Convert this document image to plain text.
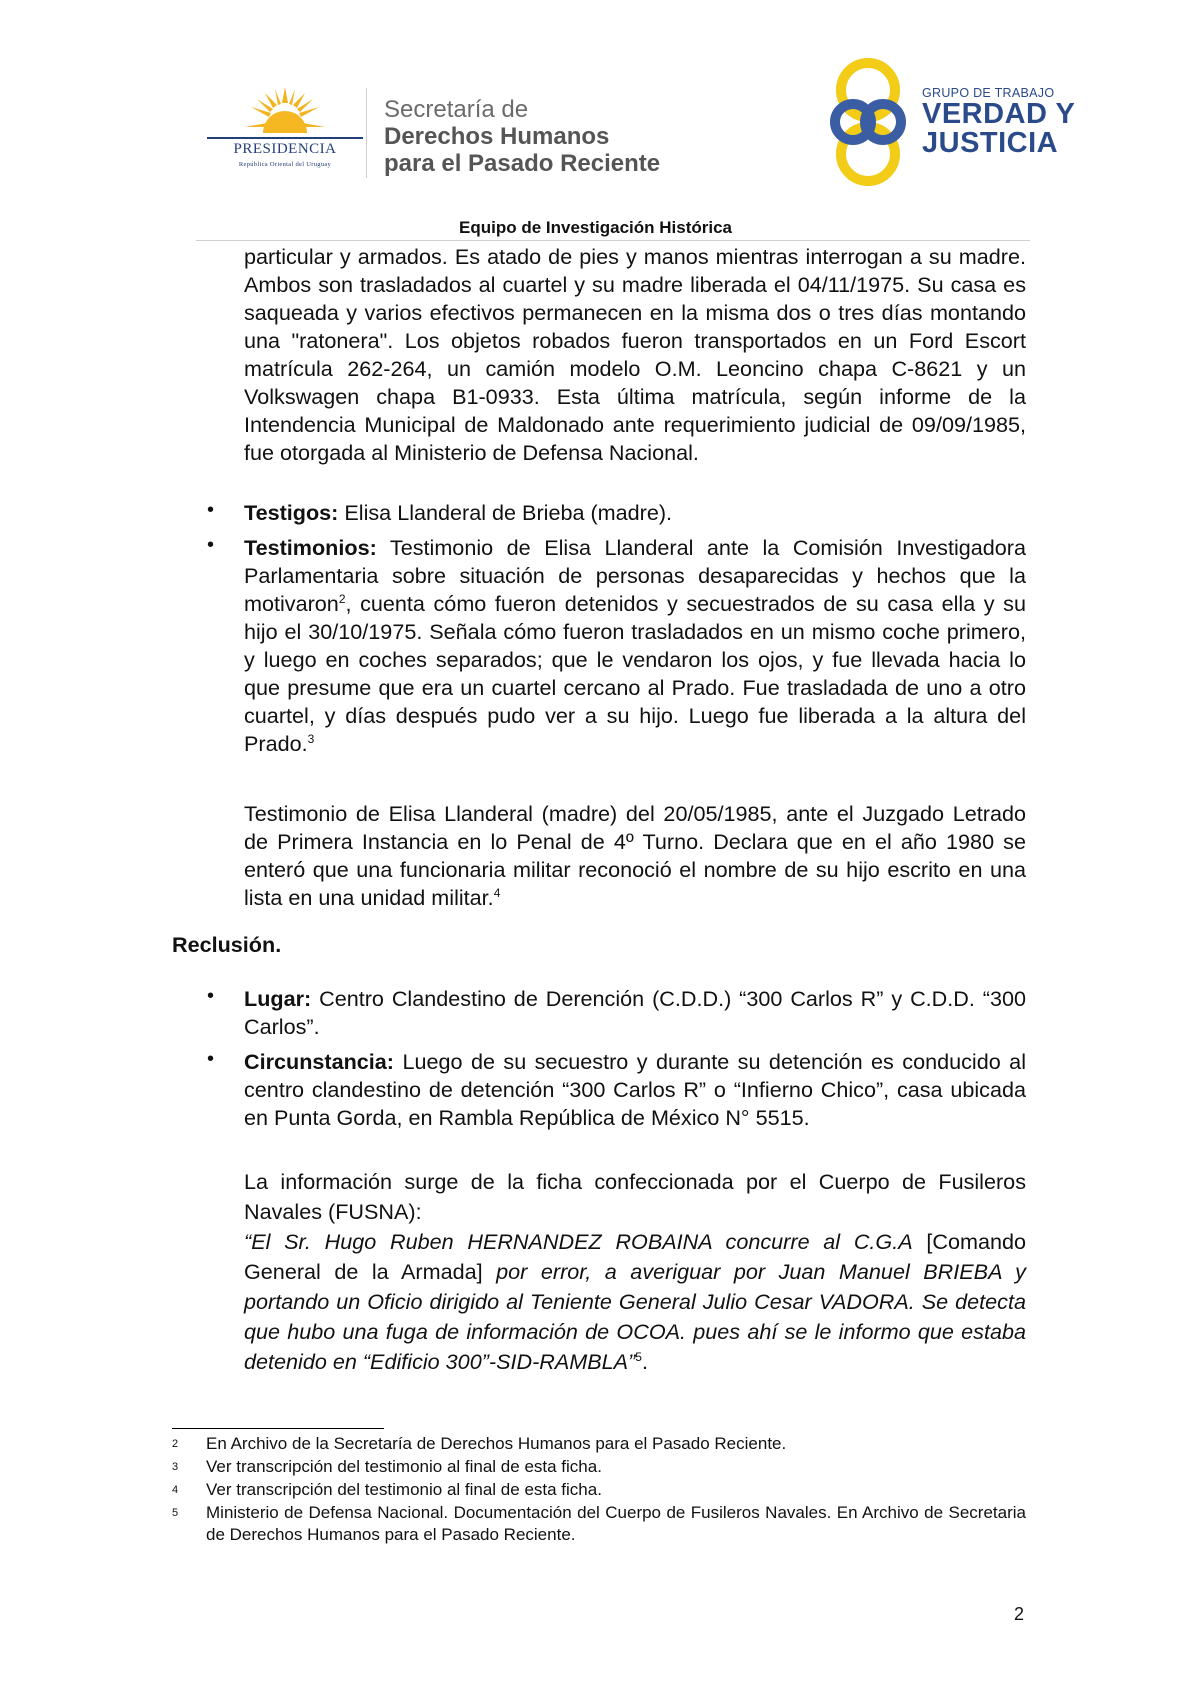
PRESIDENCIA
República Oriental del Uruguay
Secretaría de
Derechos Humanos
para el Pasado Reciente
GRUPO DE TRABAJO
VERDAD Y
JUSTICIA
Equipo de Investigación Histórica
particular y armados. Es atado de pies y manos mientras interrogan a su madre. Ambos son trasladados al cuartel y su madre liberada el 04/11/1975. Su casa es saqueada y varios efectivos permanecen en la misma dos o tres días montando una "ratonera". Los objetos robados fueron transportados en un Ford Escort matrícula 262-264, un camión modelo O.M. Leoncino chapa C-8621 y un Volkswagen chapa B1-0933. Esta última matrícula, según informe de la Intendencia Municipal de Maldonado ante requerimiento judicial de 09/09/1985, fue otorgada al Ministerio de Defensa Nacional.
• Testigos: Elisa Llanderal de Brieba (madre).
• Testimonios: Testimonio de Elisa Llanderal ante la Comisión Investigadora Parlamentaria sobre situación de personas desaparecidas y hechos que la motivaron$^2$, cuenta cómo fueron detenidos y secuestrados de su casa ella y su hijo el 30/10/1975. Señala cómo fueron trasladados en un mismo coche primero, y luego en coches separados; que le vendaron los ojos, y fue llevada hacia lo que presume que era un cuartel cercano al Prado. Fue trasladada de uno a otro cuartel, y días después pudo ver a su hijo. Luego fue liberada a la altura del Prado.$^3$
Testimonio de Elisa Llanderal (madre) del 20/05/1985, ante el Juzgado Letrado de Primera Instancia en lo Penal de 4º Turno. Declara que en el año 1980 se enteró que una funcionaria militar reconoció el nombre de su hijo escrito en una lista en una unidad militar.$^4$
Reclusión.
• Lugar: Centro Clandestino de Derención (C.D.D.) “300 Carlos R” y C.D.D. “300 Carlos”.
• Circunstancia: Luego de su secuestro y durante su detención es conducido al centro clandestino de detención “300 Carlos R” o “Infierno Chico”, casa ubicada en Punta Gorda, en Rambla República de México N° 5515.
La información surge de la ficha confeccionada por el Cuerpo de Fusileros Navales (FUSNA):
“El Sr. Hugo Ruben HERNANDEZ ROBAINA concurre al C.G.A [Comando General de la Armada] por error, a averiguar por Juan Manuel BRIEBA y portando un Oficio dirigido al Teniente General Julio Cesar VADORA. Se detecta que hubo una fuga de información de OCOA. pues ahí se le informo que estaba detenido en “Edificio 300”-SID-RAMBLA”$^5$.
2 En Archivo de la Secretaría de Derechos Humanos para el Pasado Reciente.
3 Ver transcripción del testimonio al final de esta ficha.
4 Ver transcripción del testimonio al final de esta ficha.
5 Ministerio de Defensa Nacional. Documentación del Cuerpo de Fusileros Navales. En Archivo de Secretaria de Derechos Humanos para el Pasado Reciente.
2
